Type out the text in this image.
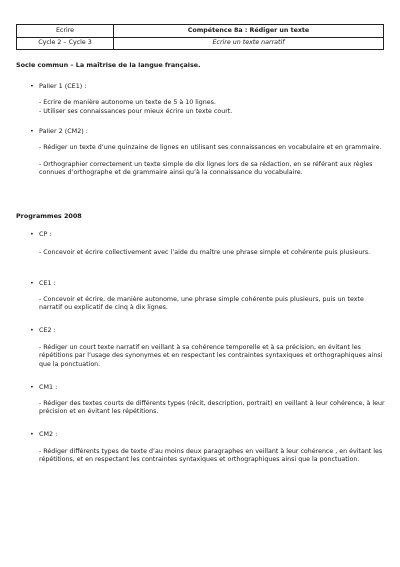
Ecrire	Compétence 8a : Rédiger un texte
Cycle 2 – Cycle 3	Ecrire un texte narratif
Socle commun – La maîtrise de la langue française.
• Palier 1 (CE1) :
- Ecrire de manière autonome un texte de 5 à 10 lignes.
- Utiliser ses connaissances pour mieux écrire un texte court.
• Palier 2 (CM2) :
- Rédiger un texte d’une quinzaine de lignes en utilisant ses connaissances en vocabulaire et en grammaire.
- Orthographier correctement un texte simple de dix lignes lors de sa rédaction, en se référant aux règles connues d’orthographe et de grammaire ainsi qu’à la connaissance du vocabulaire.
Programmes 2008
• CP :
- Concevoir et écrire collectivement avec l’aide du maître une phrase simple et cohérente puis plusieurs.
• CE1 :
- Concevoir et écrire, de manière autonome, une phrase simple cohérente puis plusieurs, puis un texte narratif ou explicatif de cinq à dix lignes.
• CE2 :
- Rédiger un court texte narratif en veillant à sa cohérence temporelle et à sa précision, en évitant les répétitions par l’usage des synonymes et en respectant les contraintes syntaxiques et orthographiques ainsi que la ponctuation.
• CM1 :
- Rédiger des textes courts de différents types (récit, description, portrait) en veillant à leur cohérence, à leur précision et en évitant les répétitions.
• CM2 :
- Rédiger différents types de texte d’au moins deux paragraphes en veillant à leur cohérence , en évitant les répétitions, et en respectant les contraintes syntaxiques et orthographiques ainsi que la ponctuation.
